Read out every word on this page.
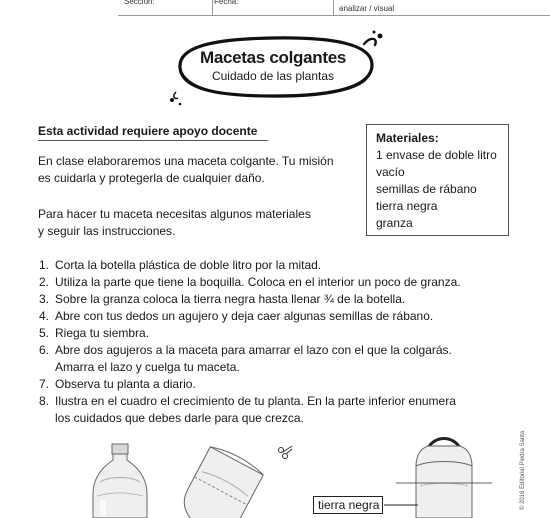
Sección:	Fecha:
analizar / visual
Macetas colgantes
Cuidado de las plantas
Esta actividad requiere apoyo docente
En clase elaboraremos una maceta colgante. Tu misión
es cuidarla y protegerla de cualquier daño.
Para hacer tu maceta necesitas algunos materiales
y seguir las instrucciones.
Materiales:
1 envase de doble litro
vacío
semillas de rábano
tierra negra
granza
1. Corta la botella plástica de doble litro por la mitad.
2. Utiliza la parte que tiene la boquilla. Coloca en el interior un poco de granza.
3. Sobre la granza coloca la tierra negra hasta llenar ¾ de la botella.
4. Abre con tus dedos un agujero y deja caer algunas semillas de rábano.
5. Riega tu siembra.
6. Abre dos agujeros a la maceta para amarrar el lazo con el que la colgarás.
Amarra el lazo y cuelga tu maceta.
7. Observa tu planta a diario.
8. Ilustra en el cuadro el crecimiento de tu planta. En la parte inferior enumera
los cuidados que debes darle para que crezca.
tierra negra	© 2016 Editorial Piedra Santa
